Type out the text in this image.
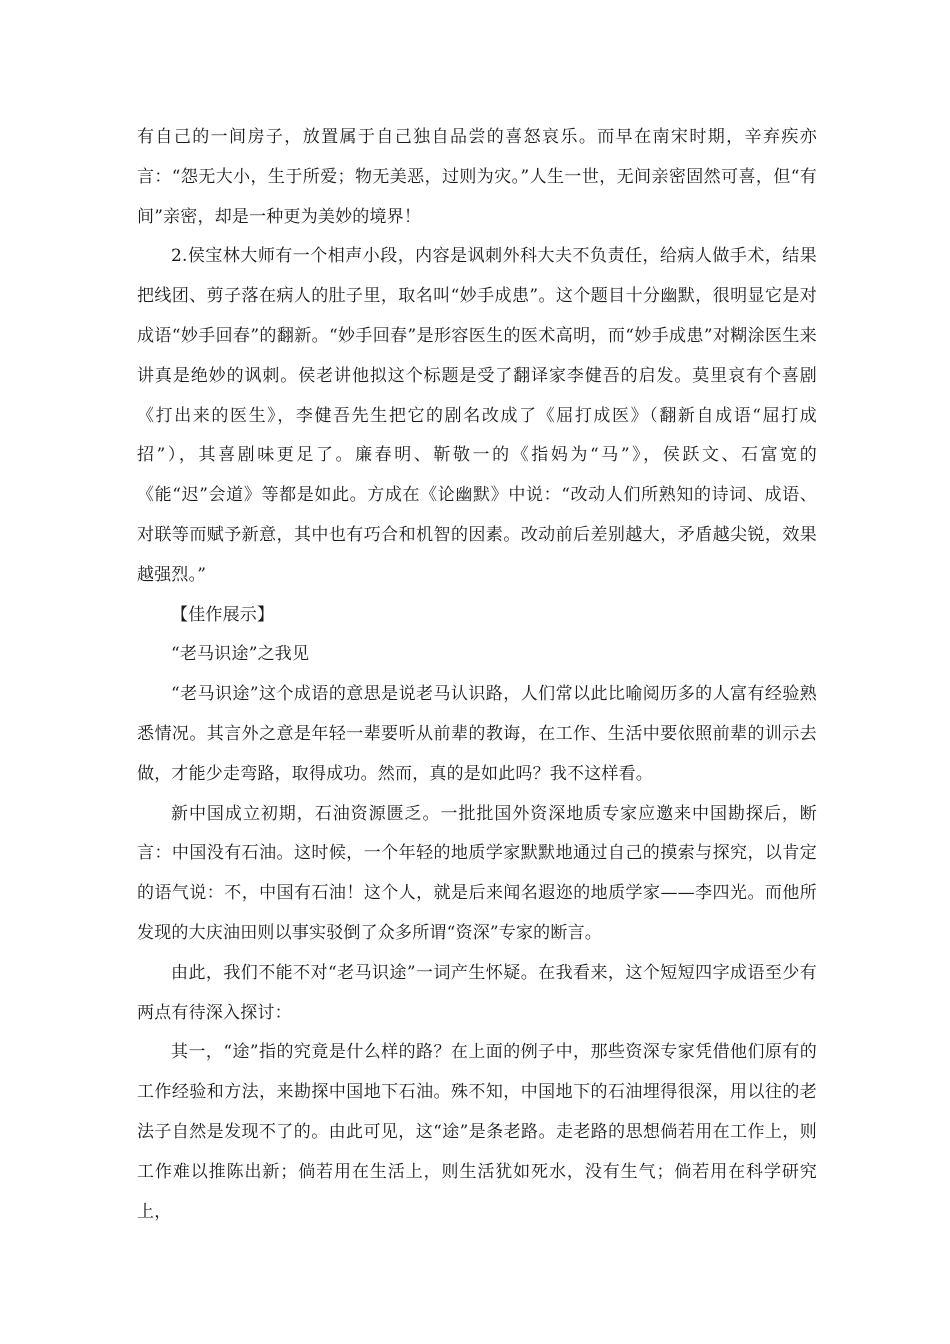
有自己的一间房子，放置属于自己独自品尝的喜怒哀乐。而早在南宋时期，辛弃疾亦言：“怨无大小，生于所爱；物无美恶，过则为灾。”人生一世，无间亲密固然可喜，但“有间”亲密，却是一种更为美妙的境界！

2.侯宝林大师有一个相声小段，内容是讽刺外科大夫不负责任，给病人做手术，结果把线团、剪子落在病人的肚子里，取名叫“妙手成患”。这个题目十分幽默，很明显它是对成语“妙手回春”的翻新。“妙手回春”是形容医生的医术高明，而“妙手成患”对糊涂医生来讲真是绝妙的讽刺。侯老讲他拟这个标题是受了翻译家李健吾的启发。莫里哀有个喜剧《打出来的医生》，李健吾先生把它的剧名改成了《屈打成医》（翻新自成语“屈打成招”），其喜剧味更足了。廉春明、靳敬一的《指妈为“马”》，侯跃文、石富宽的《能“迟”会道》等都是如此。方成在《论幽默》中说：“改动人们所熟知的诗词、成语、对联等而赋予新意，其中也有巧合和机智的因素。改动前后差别越大，矛盾越尖锐，效果越强烈。”

【佳作展示】

“老马识途”之我见

“老马识途”这个成语的意思是说老马认识路，人们常以此比喻阅历多的人富有经验熟悉情况。其言外之意是年轻一辈要听从前辈的教诲，在工作、生活中要依照前辈的训示去做，才能少走弯路，取得成功。然而，真的是如此吗？我不这样看。

新中国成立初期，石油资源匮乏。一批批国外资深地质专家应邀来中国勘探后，断言：中国没有石油。这时候，一个年轻的地质学家默默地通过自己的摸索与探究，以肯定的语气说：不，中国有石油！这个人，就是后来闻名遐迩的地质学家——李四光。而他所发现的大庆油田则以事实驳倒了众多所谓“资深”专家的断言。

由此，我们不能不对“老马识途”一词产生怀疑。在我看来，这个短短四字成语至少有两点有待深入探讨：

其一，“途”指的究竟是什么样的路？在上面的例子中，那些资深专家凭借他们原有的工作经验和方法，来勘探中国地下石油。殊不知，中国地下的石油埋得很深，用以往的老法子自然是发现不了的。由此可见，这“途”是条老路。走老路的思想倘若用在工作上，则工作难以推陈出新；倘若用在生活上，则生活犹如死水，没有生气；倘若用在科学研究上，
